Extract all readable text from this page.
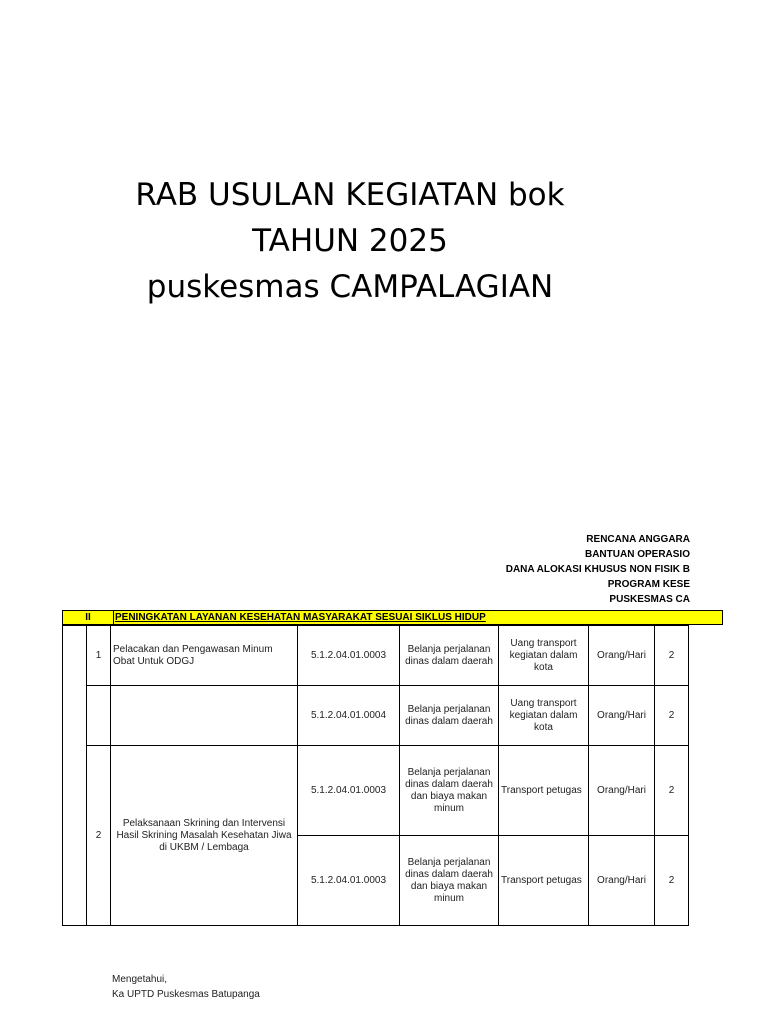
RAB USULAN KEGIATAN bok
TAHUN 2025
puskesmas CAMPALAGIAN
RENCANA ANGGARA
BANTUAN OPERASIO
DANA ALOKASI KHUSUS NON FISIK B
PROGRAM KESE
PUSKESMAS CA
II	PENINGKATAN LAYANAN KESEHATAN MASYARAKAT SESUAI SIKLUS HIDUP
	1	Pelacakan dan Pengawasan Minum Obat Untuk ODGJ	5.1.2.04.01.0003	Belanja perjalanan dinas dalam daerah	Uang transport kegiatan dalam kota	Orang/Hari	2
			5.1.2.04.01.0004	Belanja perjalanan dinas dalam daerah	Uang transport kegiatan dalam kota	Orang/Hari	2
	2	Pelaksanaan Skrining dan Intervensi Hasil Skrining Masalah Kesehatan Jiwa di UKBM / Lembaga	5.1.2.04.01.0003	Belanja perjalanan dinas dalam daerah dan biaya makan minum	Transport petugas	Orang/Hari	2
			5.1.2.04.01.0003	Belanja perjalanan dinas dalam daerah dan biaya makan minum	Transport petugas	Orang/Hari	2
Mengetahui,
Ka UPTD Puskesmas Batupanga
